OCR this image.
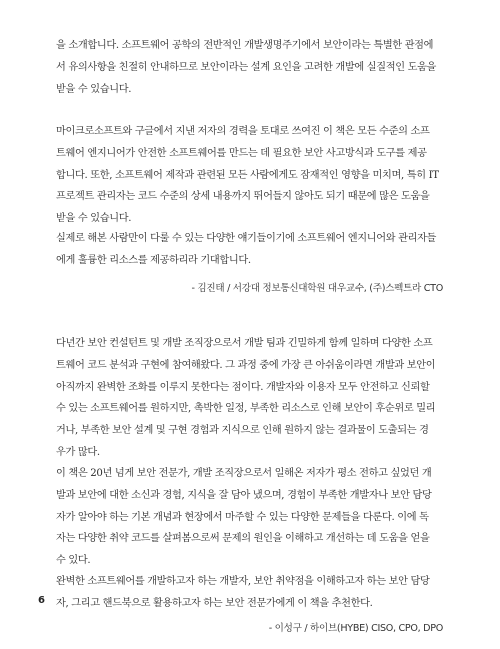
을 소개합니다. 소프트웨어 공학의 전반적인 개발생명주기에서 보안이라는 특별한 관점에
서 유의사항을 친절히 안내하므로 보안이라는 설계 요인을 고려한 개발에 실질적인 도움을
받을 수 있습니다.

마이크로소프트와 구글에서 지낸 저자의 경력을 토대로 쓰여진 이 책은 모든 수준의 소프
트웨어 엔지니어가 안전한 소프트웨어를 만드는 데 필요한 보안 사고방식과 도구를 제공
합니다. 또한, 소프트웨어 제작과 관련된 모든 사람에게도 잠재적인 영향을 미치며, 특히 IT
프로젝트 관리자는 코드 수준의 상세 내용까지 뛰어들지 않아도 되기 때문에 많은 도움을
받을 수 있습니다.

실제로 해본 사람만이 다룰 수 있는 다양한 얘기들이기에 소프트웨어 엔지니어와 관리자들
에게 훌륭한 리소스를 제공하리라 기대합니다.

- 김진태 / 서강대 정보통신대학원 대우교수, (주)스펙트라 CTO

다년간 보안 컨설턴트 및 개발 조직장으로서 개발 팀과 긴밀하게 함께 일하며 다양한 소프
트웨어 코드 분석과 구현에 참여해왔다. 그 과정 중에 가장 큰 아쉬움이라면 개발과 보안이
아직까지 완벽한 조화를 이루지 못한다는 점이다. 개발자와 이용자 모두 안전하고 신뢰할
수 있는 소프트웨어를 원하지만, 촉박한 일정, 부족한 리소스로 인해 보안이 후순위로 밀리
거나, 부족한 보안 설계 및 구현 경험과 지식으로 인해 원하지 않는 결과물이 도출되는 경
우가 많다.

이 책은 20년 넘게 보안 전문가, 개발 조직장으로서 일해온 저자가 평소 전하고 싶었던 개
발과 보안에 대한 소신과 경험, 지식을 잘 담아 냈으며, 경험이 부족한 개발자나 보안 담당
자가 알아야 하는 기본 개념과 현장에서 마주할 수 있는 다양한 문제들을 다룬다. 이에 독
자는 다양한 취약 코드를 살펴봄으로써 문제의 원인을 이해하고 개선하는 데 도움을 얻을
수 있다.

완벽한 소프트웨어를 개발하고자 하는 개발자, 보안 취약점을 이해하고자 하는 보안 담당
자, 그리고 핸드북으로 활용하고자 하는 보안 전문가에게 이 책을 추천한다.

- 이성구 / 하이브(HYBE) CISO, CPO, DPO
6
